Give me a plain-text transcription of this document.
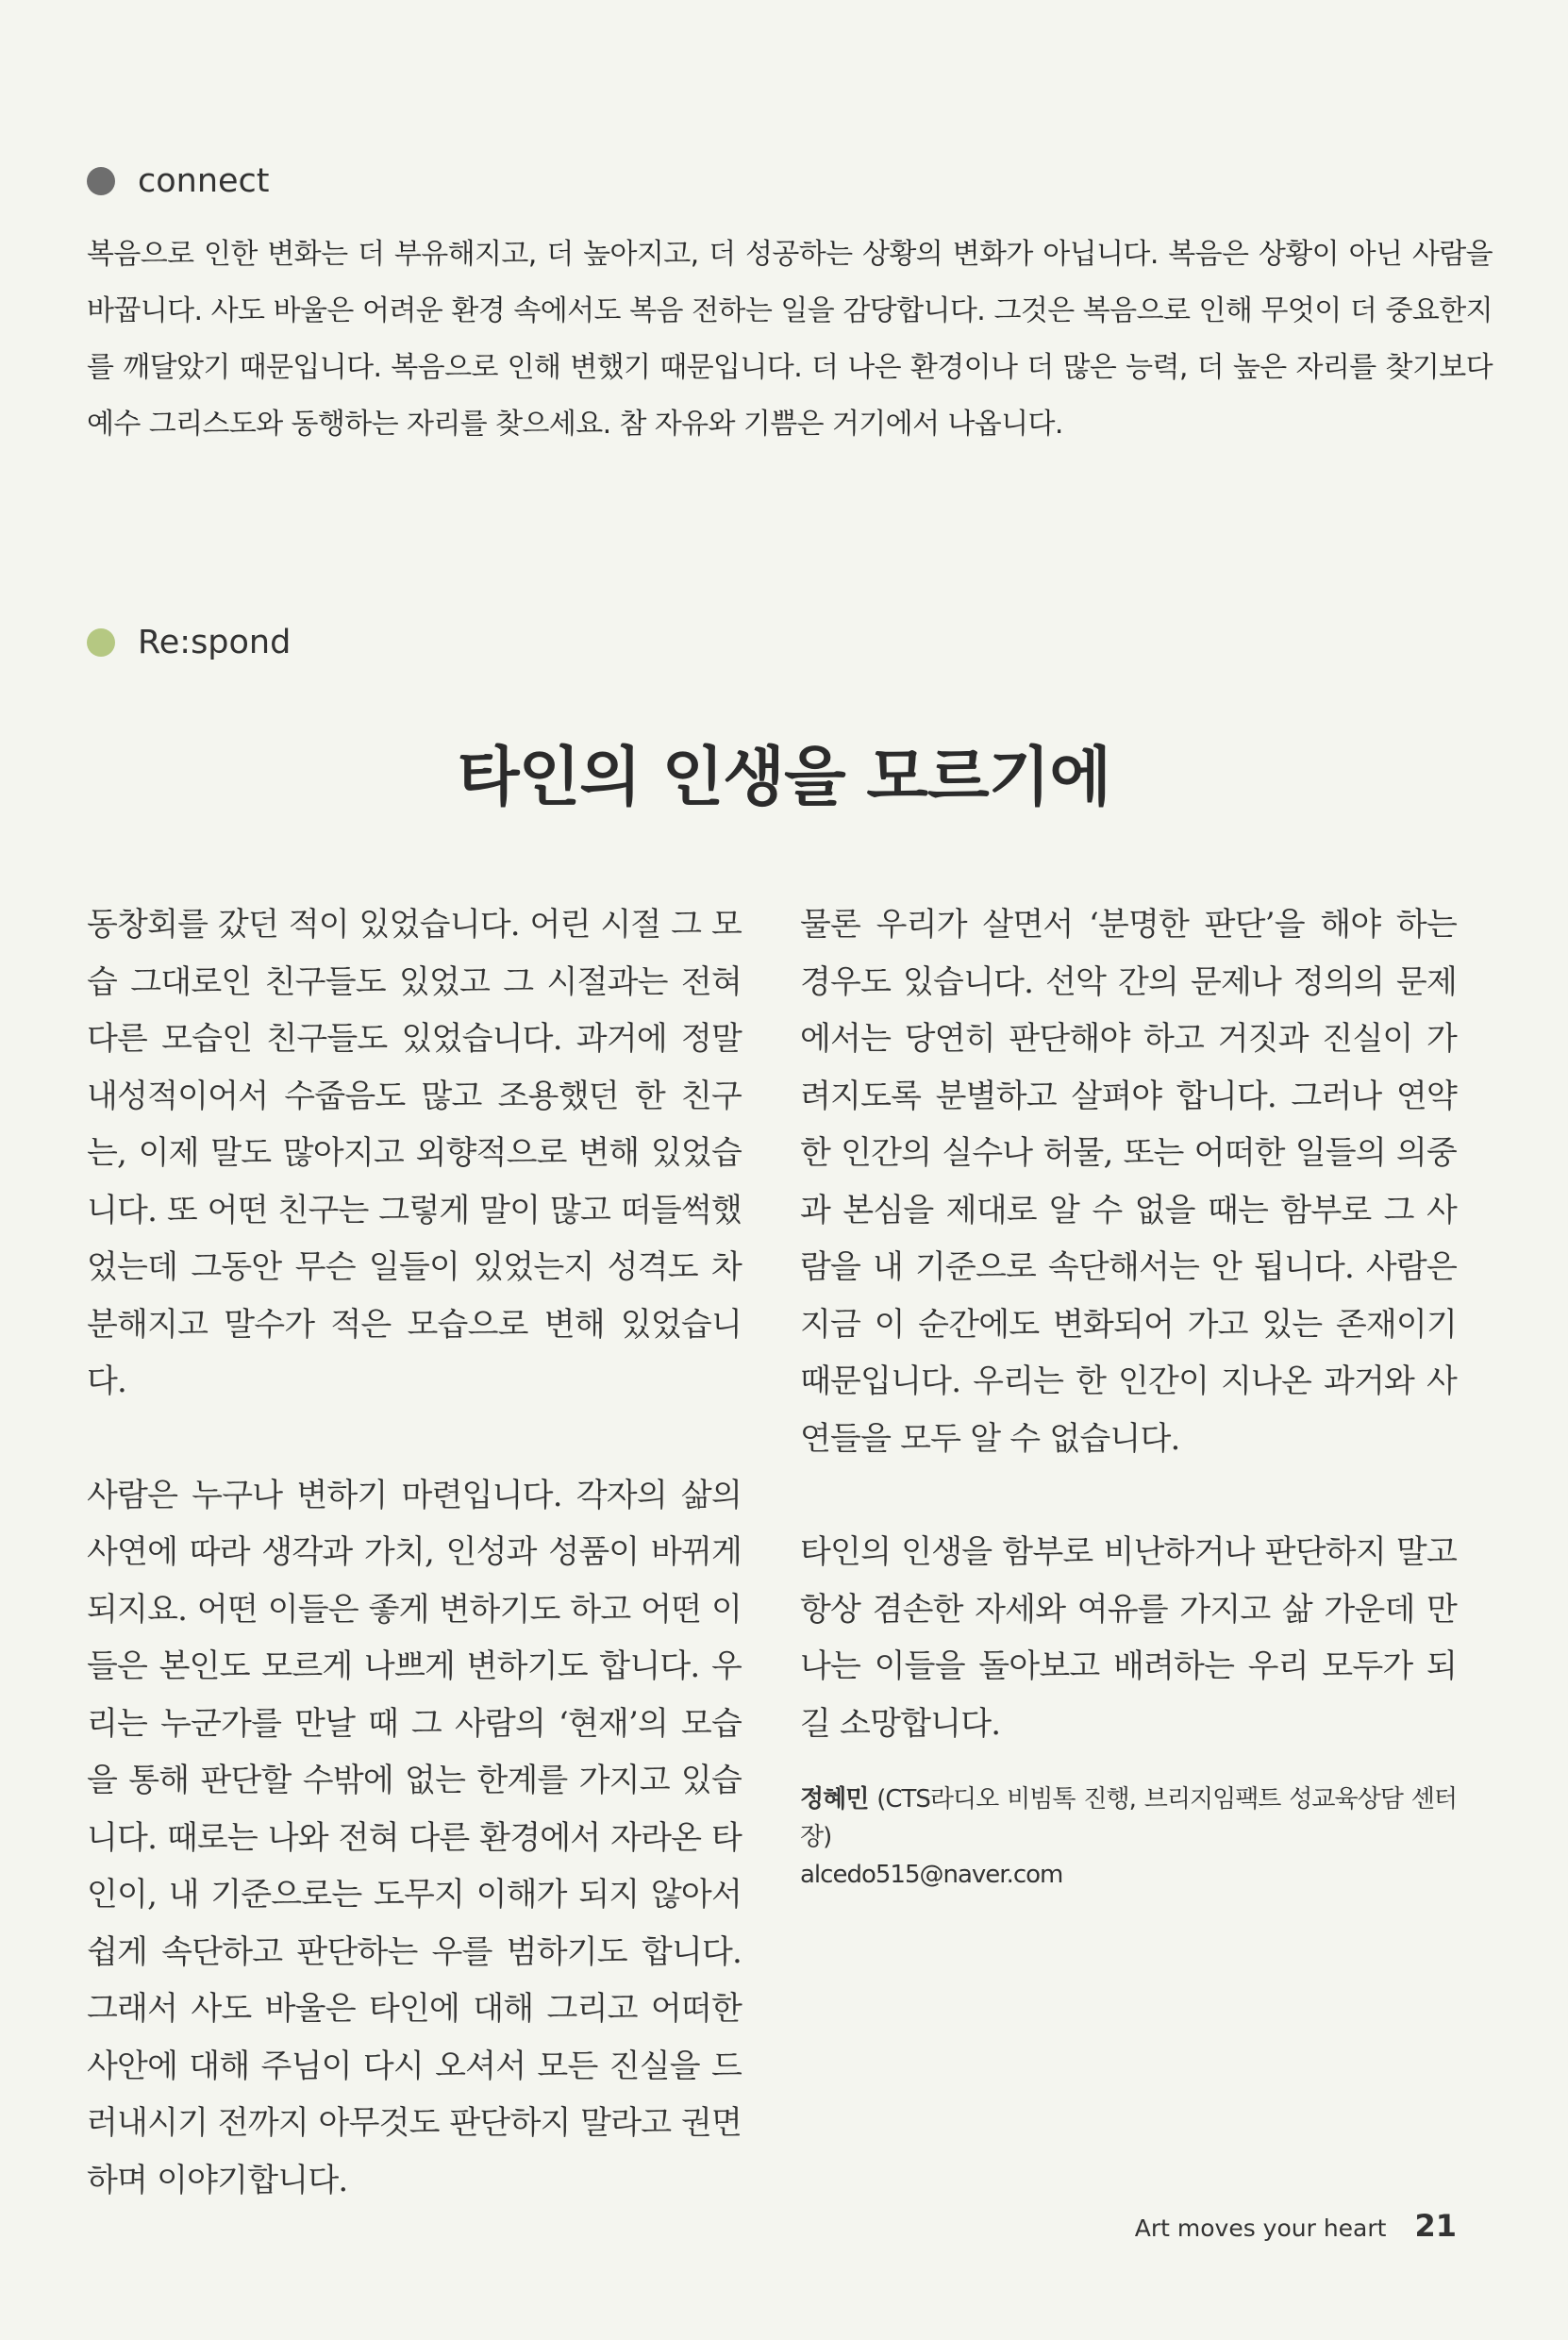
connect
복음으로 인한 변화는 더 부유해지고, 더 높아지고, 더 성공하는 상황의 변화가 아닙니다. 복음은 상황이 아닌 사람을 바꿉니다. 사도 바울은 어려운 환경 속에서도 복음 전하는 일을 감당합니다. 그것은 복음으로 인해 무엇이 더 중요한지를 깨달았기 때문입니다. 복음으로 인해 변했기 때문입니다. 더 나은 환경이나 더 많은 능력, 더 높은 자리를 찾기보다 예수 그리스도와 동행하는 자리를 찾으세요. 참 자유와 기쁨은 거기에서 나옵니다.
Re:spond
타인의 인생을 모르기에

동창회를 갔던 적이 있었습니다. 어린 시절 그 모습 그대로인 친구들도 있었고 그 시절과는 전혀 다른 모습인 친구들도 있었습니다. 과거에 정말 내성적이어서 수줍음도 많고 조용했던 한 친구는, 이제 말도 많아지고 외향적으로 변해 있었습니다. 또 어떤 친구는 그렇게 말이 많고 떠들썩했었는데 그동안 무슨 일들이 있었는지 성격도 차분해지고 말수가 적은 모습으로 변해 있었습니다.

사람은 누구나 변하기 마련입니다. 각자의 삶의 사연에 따라 생각과 가치, 인성과 성품이 바뀌게 되지요. 어떤 이들은 좋게 변하기도 하고 어떤 이들은 본인도 모르게 나쁘게 변하기도 합니다. 우리는 누군가를 만날 때 그 사람의 ‘현재’의 모습을 통해 판단할 수밖에 없는 한계를 가지고 있습니다. 때로는 나와 전혀 다른 환경에서 자라온 타인이, 내 기준으로는 도무지 이해가 되지 않아서 쉽게 속단하고 판단하는 우를 범하기도 합니다. 그래서 사도 바울은 타인에 대해 그리고 어떠한 사안에 대해 주님이 다시 오셔서 모든 진실을 드러내시기 전까지 아무것도 판단하지 말라고 권면하며 이야기합니다.

물론 우리가 살면서 ‘분명한 판단’을 해야 하는 경우도 있습니다. 선악 간의 문제나 정의의 문제에서는 당연히 판단해야 하고 거짓과 진실이 가려지도록 분별하고 살펴야 합니다. 그러나 연약한 인간의 실수나 허물, 또는 어떠한 일들의 의중과 본심을 제대로 알 수 없을 때는 함부로 그 사람을 내 기준으로 속단해서는 안 됩니다. 사람은 지금 이 순간에도 변화되어 가고 있는 존재이기 때문입니다. 우리는 한 인간이 지나온 과거와 사연들을 모두 알 수 없습니다.

타인의 인생을 함부로 비난하거나 판단하지 말고 항상 겸손한 자세와 여유를 가지고 삶 가운데 만나는 이들을 돌아보고 배려하는 우리 모두가 되길 소망합니다.

정혜민 (CTS라디오 비빔톡 진행, 브리지임팩트 성교육상담 센터장)
alcedo515@naver.com
Art moves your heart 21
